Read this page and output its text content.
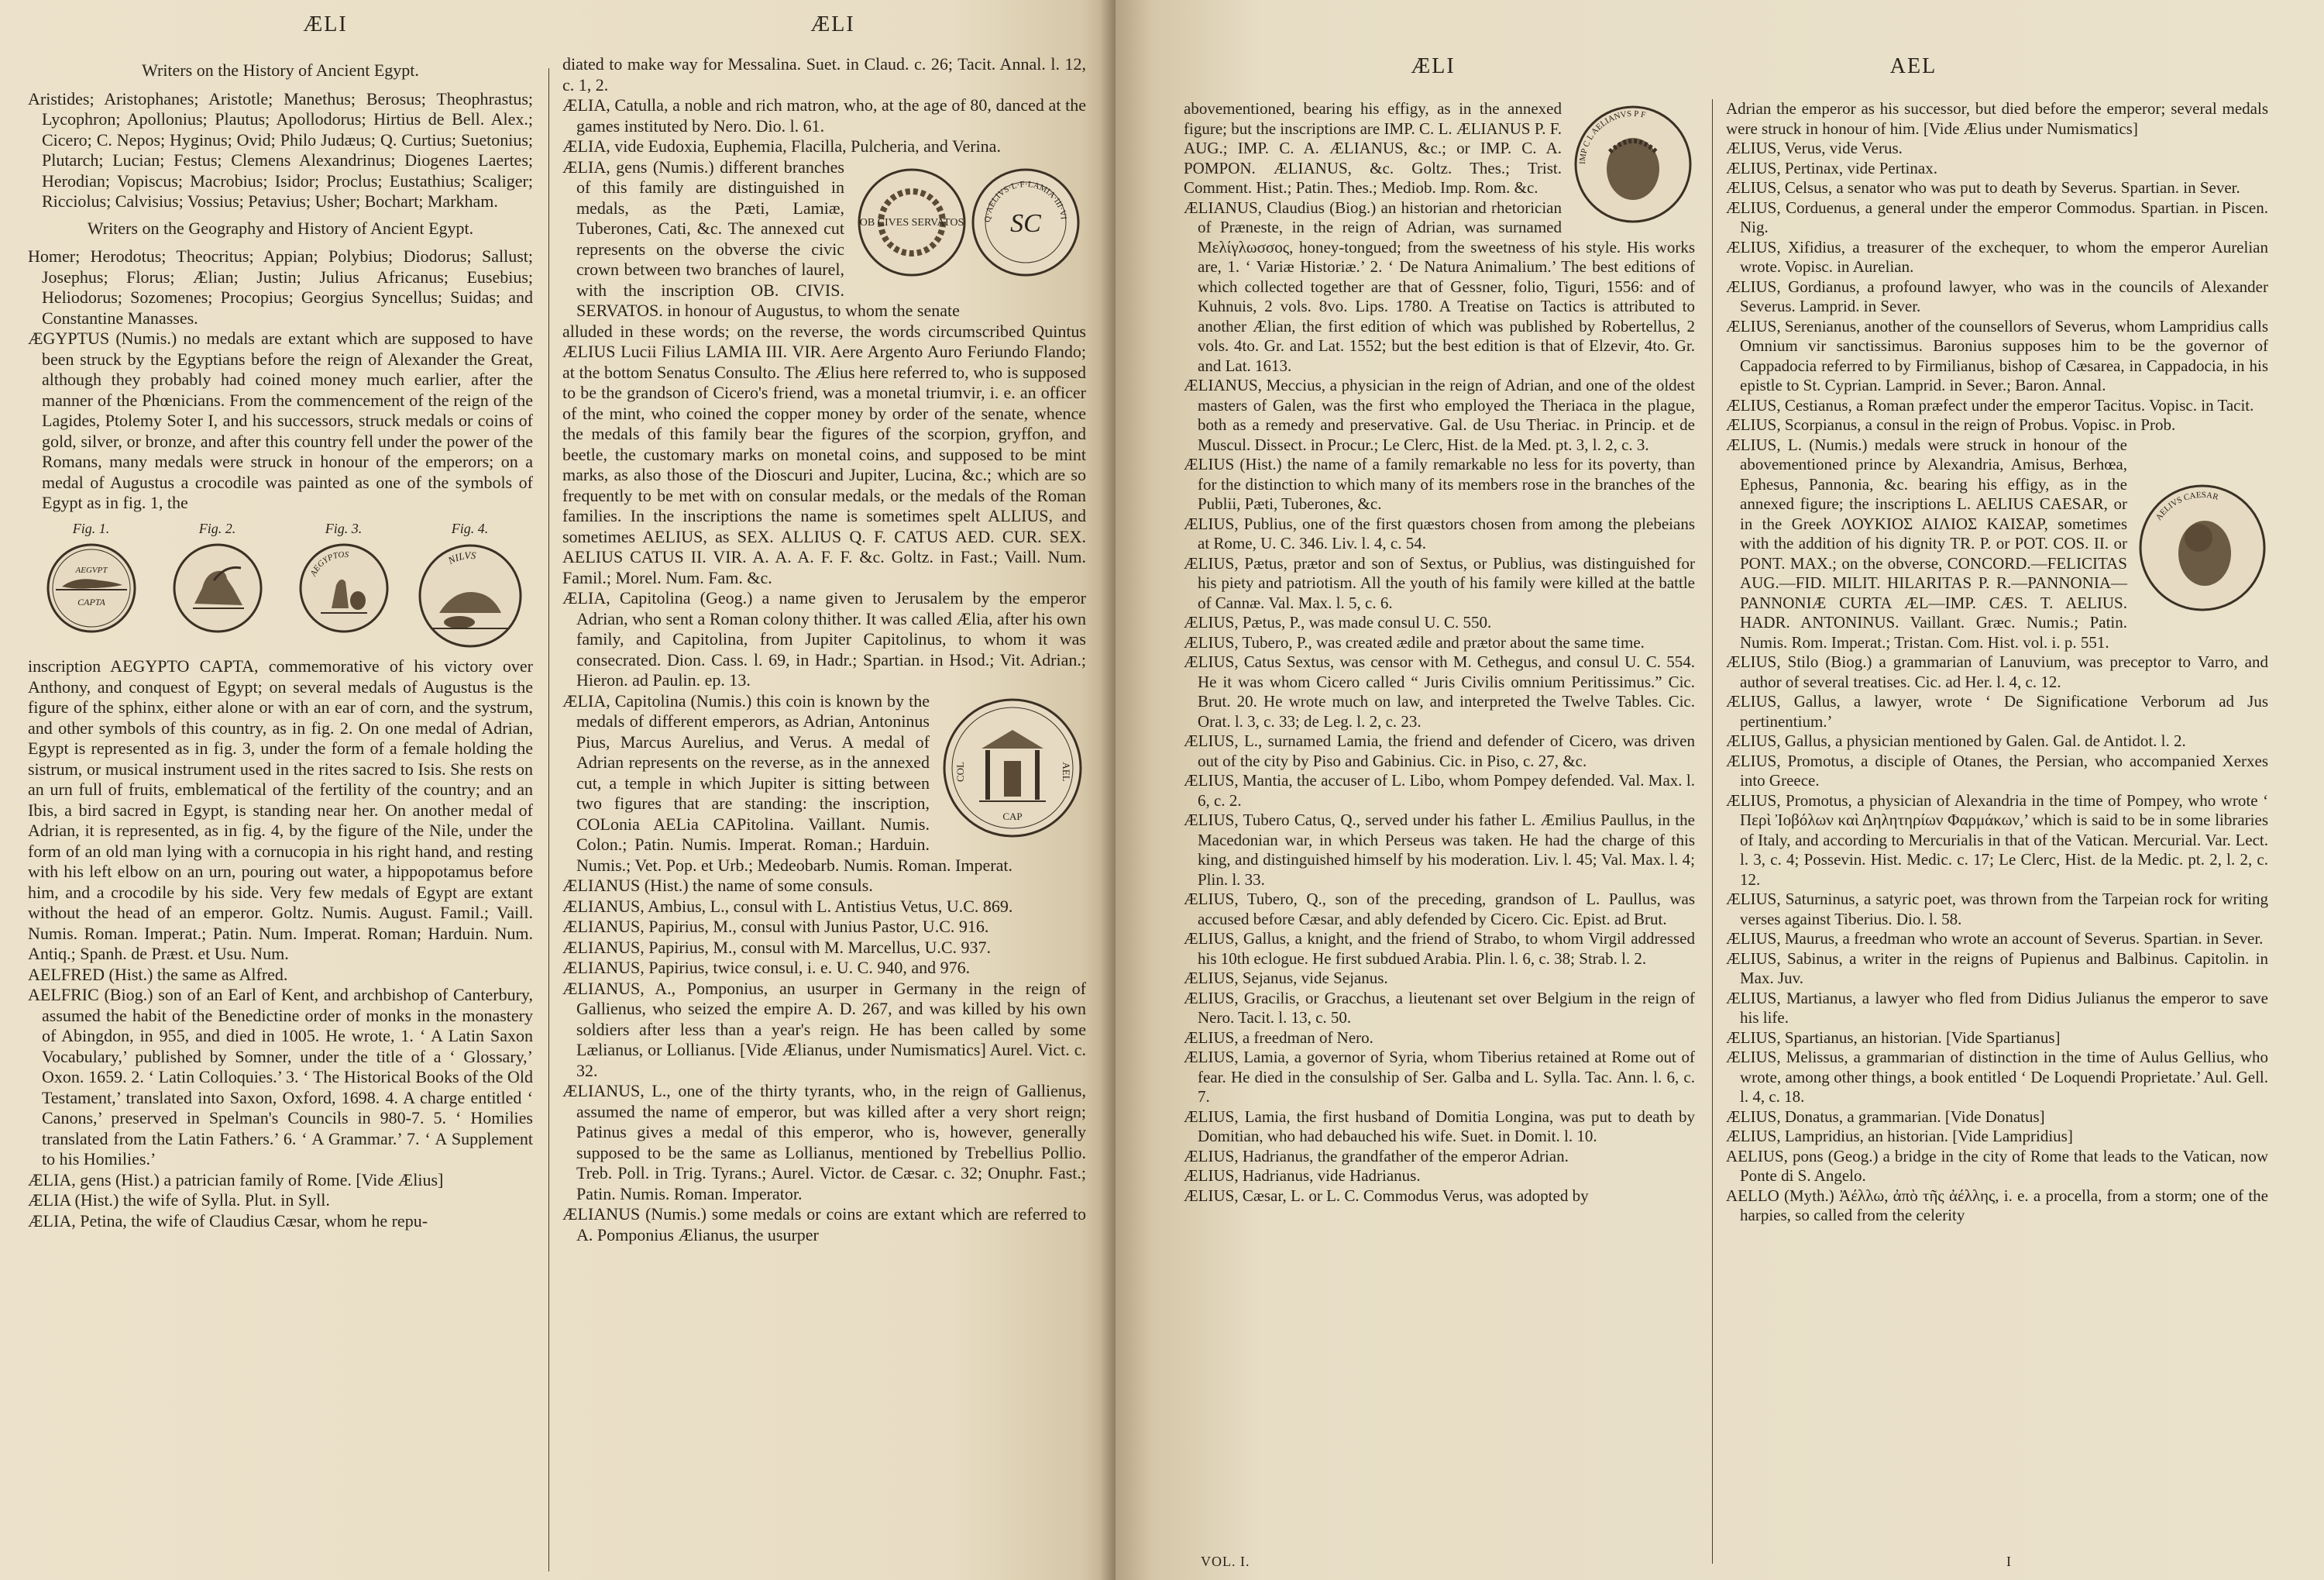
ÆLI	ÆLI

Writers on the History of Ancient Egypt.

Aristides; Aristophanes; Aristotle; Manethus; Berosus; Theophrastus; Lycophron; Apollonius; Plautus; Apollodorus; Hirtius de Bell. Alex.; Cicero; C. Nepos; Hyginus; Ovid; Philo Judæus; Q. Curtius; Suetonius; Plutarch; Lucian; Festus; Clemens Alexandrinus; Diogenes Laertes; Herodian; Vopiscus; Macrobius; Isidor; Proclus; Eustathius; Scaliger; Ricciolus; Calvisius; Vossius; Petavius; Usher; Bochart; Markham.

Writers on the Geography and History of Ancient Egypt.

Homer; Herodotus; Theocritus; Appian; Polybius; Diodorus; Sallust; Josephus; Florus; Ælian; Justin; Julius Africanus; Eusebius; Heliodorus; Sozomenes; Procopius; Georgius Syncellus; Suidas; and Constantine Manasses.

ÆGYPTUS (Numis.) no medals are extant which are supposed to have been struck by the Egyptians before the reign of Alexander the Great, although they probably had coined money much earlier, after the manner of the Phœnicians. From the commencement of the reign of the Lagides, Ptolemy Soter I, and his successors, struck medals or coins of gold, silver, or bronze, and after this country fell under the power of the Romans, many medals were struck in honour of the emperors; on a medal of Augustus a crocodile was painted as one of the symbols of Egypt as in fig. 1, the

Fig. 1.
AEGVPT
CAPTA
Fig. 2.	Fig. 3.
AEGYPTOS
Fig. 4.
NILVS

inscription AEGYPTO CAPTA, commemorative of his victory over Anthony, and conquest of Egypt; on several medals of Augustus is the figure of the sphinx, either alone or with an ear of corn, and the systrum, and other symbols of this country, as in fig. 2. On one medal of Adrian, Egypt is represented as in fig. 3, under the form of a female holding the sistrum, or musical instrument used in the rites sacred to Isis. She rests on an urn full of fruits, emblematical of the fertility of the country; and an Ibis, a bird sacred in Egypt, is standing near her. On another medal of Adrian, it is represented, as in fig. 4, by the figure of the Nile, under the form of an old man lying with a cornucopia in his right hand, and resting with his left elbow on an urn, pouring out water, a hippopotamus before him, and a crocodile by his side. Very few medals of Egypt are extant without the head of an emperor. Goltz. Numis. August. Famil.; Vaill. Numis. Roman. Imperat.; Patin. Num. Imperat. Roman; Harduin. Num. Antiq.; Spanh. de Præst. et Usu. Num.

AELFRED (Hist.) the same as Alfred.

AELFRIC (Biog.) son of an Earl of Kent, and archbishop of Canterbury, assumed the habit of the Benedictine order of monks in the monastery of Abingdon, in 955, and died in 1005. He wrote, 1. ‘ A Latin Saxon Vocabulary,’ published by Somner, under the title of a ‘ Glossary,’ Oxon. 1659. 2. ‘ Latin Colloquies.’ 3. ‘ The Historical Books of the Old Testament,’ translated into Saxon, Oxford, 1698. 4. A charge entitled ‘ Canons,’ preserved in Spelman's Councils in 980-7. 5. ‘ Homilies translated from the Latin Fathers.’ 6. ‘ A Grammar.’ 7. ‘ A Supplement to his Homilies.’

ÆLIA, gens (Hist.) a patrician family of Rome. [Vide Ælius]

ÆLIA (Hist.) the wife of Sylla. Plut. in Syll.

ÆLIA, Petina, the wife of Claudius Cæsar, whom he repu-

diated to make way for Messalina. Suet. in Claud. c. 26; Tacit. Annal. l. 12, c. 1, 2.

ÆLIA, Catulla, a noble and rich matron, who, at the age of 80, danced at the games instituted by Nero. Dio. l. 61.

ÆLIA, vide Eudoxia, Euphemia, Flacilla, Pulcheria, and Verina.

OB CIVES SERVATOS	Q·AELIVS·L·F·LAMIA·III·VI
SC

ÆLIA, gens (Numis.) different branches of this family are distinguished in medals, as the Pæti, Lamiæ, Tuberones, Cati, &c. The annexed cut represents on the obverse the civic crown between two branches of laurel, with the inscription OB. CIVIS. SERVATOS. in honour of Augustus, to whom the senate

alluded in these words; on the reverse, the words circumscribed Quintus ÆLIUS Lucii Filius LAMIA III. VIR. Aere Argento Auro Feriundo Flando; at the bottom Senatus Consulto. The Ælius here referred to, who is supposed to be the grandson of Cicero's friend, was a monetal triumvir, i. e. an officer of the mint, who coined the copper money by order of the senate, whence the medals of this family bear the figures of the scorpion, gryffon, and beetle, the customary marks on monetal coins, and supposed to be mint marks, as also those of the Dioscuri and Jupiter, Lucina, &c.; which are so frequently to be met with on consular medals, or the medals of the Roman families. In the inscriptions the name is sometimes spelt ALLIUS, and sometimes AELIUS, as SEX. ALLIUS Q. F. CATUS AED. CUR. SEX. AELIUS CATUS II. VIR. A. A. A. F. F. &c. Goltz. in Fast.; Vaill. Num. Famil.; Morel. Num. Fam. &c.

ÆLIA, Capitolina (Geog.) a name given to Jerusalem by the emperor Adrian, who sent a Roman colony thither. It was called Ælia, after his own family, and Capitolina, from Jupiter Capitolinus, to whom it was consecrated. Dion. Cass. l. 69, in Hadr.; Spartian. in Hsod.; Vit. Adrian.; Hieron. ad Paulin. ep. 13.

COL	AEL
CAP

ÆLIA, Capitolina (Numis.) this coin is known by the medals of different emperors, as Adrian, Antoninus Pius, Marcus Aurelius, and Verus. A medal of Adrian represents on the reverse, as in the annexed cut, a temple in which Jupiter is sitting between two figures that are standing: the inscription, COLonia AELia CAPitolina. Vaillant. Numis. Colon.; Patin. Numis. Imperat. Roman.; Harduin. Numis.; Vet. Pop. et Urb.; Medeobarb. Numis. Roman. Imperat.

ÆLIANUS (Hist.) the name of some consuls.

ÆLIANUS, Ambius, L., consul with L. Antistius Vetus, U.C. 869.

ÆLIANUS, Papirius, M., consul with Junius Pastor, U.C. 916.

ÆLIANUS, Papirius, M., consul with M. Marcellus, U.C. 937.

ÆLIANUS, Papirius, twice consul, i. e. U. C. 940, and 976.

ÆLIANUS, A., Pomponius, an usurper in Germany in the reign of Gallienus, who seized the empire A. D. 267, and was killed by his own soldiers after less than a year's reign. He has been called by some Lælianus, or Lollianus. [Vide Ælianus, under Numismatics] Aurel. Vict. c. 32.

ÆLIANUS, L., one of the thirty tyrants, who, in the reign of Gallienus, assumed the name of emperor, but was killed after a very short reign; Patinus gives a medal of this emperor, who is, however, generally supposed to be the same as Lollianus, mentioned by Trebellius Pollio. Treb. Poll. in Trig. Tyrans.; Aurel. Victor. de Cæsar. c. 32; Onuphr. Fast.; Patin. Numis. Roman. Imperator.

ÆLIANUS (Numis.) some medals or coins are extant which are referred to A. Pomponius Ælianus, the usurper

ÆLI	AEL
IMP C L AELIANVS P F

abovementioned, bearing his effigy, as in the annexed figure; but the inscriptions are IMP. C. L. ÆLIANUS P. F. AUG.; IMP. C. A. ÆLIANUS, &c.; or IMP. C. A. POMPON. ÆLIANUS, &c. Goltz. Thes.; Trist. Comment. Hist.; Patin. Thes.; Mediob. Imp. Rom. &c.

ÆLIANUS, Claudius (Biog.) an historian and rhetorician of Præneste, in the reign of Adrian, was surnamed Μελίγλωσσος, honey-tongued; from the sweetness of his style. His works are, 1. ‘ Variæ Historiæ.’ 2. ‘ De Natura Animalium.’ The best editions of which collected together are that of Gessner, folio, Tiguri, 1556: and of Kuhnuis, 2 vols. 8vo. Lips. 1780. A Treatise on Tactics is attributed to another Ælian, the first edition of which was published by Robertellus, 2 vols. 4to. Gr. and Lat. 1552; but the best edition is that of Elzevir, 4to. Gr. and Lat. 1613.

ÆLIANUS, Meccius, a physician in the reign of Adrian, and one of the oldest masters of Galen, was the first who employed the Theriaca in the plague, both as a remedy and preservative. Gal. de Usu Theriac. in Princip. et de Muscul. Dissect. in Procur.; Le Clerc, Hist. de la Med. pt. 3, l. 2, c. 3.

ÆLIUS (Hist.) the name of a family remarkable no less for its poverty, than for the distinction to which many of its members rose in the branches of the Publii, Pæti, Tuberones, &c.

ÆLIUS, Publius, one of the first quæstors chosen from among the plebeians at Rome, U. C. 346. Liv. l. 4, c. 54.

ÆLIUS, Pætus, prætor and son of Sextus, or Publius, was distinguished for his piety and patriotism. All the youth of his family were killed at the battle of Cannæ. Val. Max. l. 5, c. 6.

ÆLIUS, Pætus, P., was made consul U. C. 550.

ÆLIUS, Tubero, P., was created ædile and prætor about the same time.

ÆLIUS, Catus Sextus, was censor with M. Cethegus, and consul U. C. 554. He it was whom Cicero called “ Juris Civilis omnium Peritissimus.” Cic. Brut. 20. He wrote much on law, and interpreted the Twelve Tables. Cic. Orat. l. 3, c. 33; de Leg. l. 2, c. 23.

ÆLIUS, L., surnamed Lamia, the friend and defender of Cicero, was driven out of the city by Piso and Gabinius. Cic. in Piso, c. 27, &c.

ÆLIUS, Mantia, the accuser of L. Libo, whom Pompey defended. Val. Max. l. 6, c. 2.

ÆLIUS, Tubero Catus, Q., served under his father L. Æmilius Paullus, in the Macedonian war, in which Perseus was taken. He had the charge of this king, and distinguished himself by his moderation. Liv. l. 45; Val. Max. l. 4; Plin. l. 33.

ÆLIUS, Tubero, Q., son of the preceding, grandson of L. Paullus, was accused before Cæsar, and ably defended by Cicero. Cic. Epist. ad Brut.

ÆLIUS, Gallus, a knight, and the friend of Strabo, to whom Virgil addressed his 10th eclogue. He first subdued Arabia. Plin. l. 6, c. 38; Strab. l. 2.

ÆLIUS, Sejanus, vide Sejanus.

ÆLIUS, Gracilis, or Gracchus, a lieutenant set over Belgium in the reign of Nero. Tacit. l. 13, c. 50.

ÆLIUS, a freedman of Nero.

ÆLIUS, Lamia, a governor of Syria, whom Tiberius retained at Rome out of fear. He died in the consulship of Ser. Galba and L. Sylla. Tac. Ann. l. 6, c. 7.

ÆLIUS, Lamia, the first husband of Domitia Longina, was put to death by Domitian, who had debauched his wife. Suet. in Domit. l. 10.

ÆLIUS, Hadrianus, the grandfather of the emperor Adrian.

ÆLIUS, Hadrianus, vide Hadrianus.

ÆLIUS, Cæsar, L. or L. C. Commodus Verus, was adopted by

VOL. I.

Adrian the emperor as his successor, but died before the emperor; several medals were struck in honour of him. [Vide Ælius under Numismatics]

ÆLIUS, Verus, vide Verus.

ÆLIUS, Pertinax, vide Pertinax.

ÆLIUS, Celsus, a senator who was put to death by Severus. Spartian. in Sever.

ÆLIUS, Corduenus, a general under the emperor Commodus. Spartian. in Piscen. Nig.

ÆLIUS, Xifidius, a treasurer of the exchequer, to whom the emperor Aurelian wrote. Vopisc. in Aurelian.

ÆLIUS, Gordianus, a profound lawyer, who was in the councils of Alexander Severus. Lamprid. in Sever.

ÆLIUS, Serenianus, another of the counsellors of Severus, whom Lampridius calls Omnium vir sanctissimus. Baronius supposes him to be the governor of Cappadocia referred to by Firmilianus, bishop of Cæsarea, in Cappadocia, in his epistle to St. Cyprian. Lamprid. in Sever.; Baron. Annal.

ÆLIUS, Cestianus, a Roman præfect under the emperor Tacitus. Vopisc. in Tacit.

ÆLIUS, Scorpianus, a consul in the reign of Probus. Vopisc. in Prob.

AELIVS CAESAR

ÆLIUS, L. (Numis.) medals were struck in honour of the abovementioned prince by Alexandria, Amisus, Berhœa, Ephesus, Pannonia, &c. bearing his effigy, as in the annexed figure; the inscriptions L. AELIUS CAESAR, or in the Greek ΛΟΥΚΙΟΣ ΑΙΛΙΟΣ ΚΑΙΣΑΡ, sometimes with the addition of his dignity TR. P. or POT. COS. II. or PONT. MAX.; on the obverse, CONCORD.—FELICITAS AUG.—FID. MILIT. HILARITAS P. R.—PANNONIA—PANNONIÆ CURTA ÆL—IMP. CÆS. T. AELIUS. HADR. ANTONINUS. Vaillant. Græc. Numis.; Patin. Numis. Rom. Imperat.; Tristan. Com. Hist. vol. i. p. 551.

ÆLIUS, Stilo (Biog.) a grammarian of Lanuvium, was preceptor to Varro, and author of several treatises. Cic. ad Her. l. 4, c. 12.

ÆLIUS, Gallus, a lawyer, wrote ‘ De Significatione Verborum ad Jus pertinentium.’

ÆLIUS, Gallus, a physician mentioned by Galen. Gal. de Antidot. l. 2.

ÆLIUS, Promotus, a disciple of Otanes, the Persian, who accompanied Xerxes into Greece.

ÆLIUS, Promotus, a physician of Alexandria in the time of Pompey, who wrote ‘ Περὶ Ἰοβόλων καὶ Δηλητηρίων Φαρμάκων,’ which is said to be in some libraries of Italy, and according to Mercurialis in that of the Vatican. Mercurial. Var. Lect. l. 3, c. 4; Possevin. Hist. Medic. c. 17; Le Clerc, Hist. de la Medic. pt. 2, l. 2, c. 12.

ÆLIUS, Saturninus, a satyric poet, was thrown from the Tarpeian rock for writing verses against Tiberius. Dio. l. 58.

ÆLIUS, Maurus, a freedman who wrote an account of Severus. Spartian. in Sever.

ÆLIUS, Sabinus, a writer in the reigns of Pupienus and Balbinus. Capitolin. in Max. Juv.

ÆLIUS, Martianus, a lawyer who fled from Didius Julianus the emperor to save his life.

ÆLIUS, Spartianus, an historian. [Vide Spartianus]

ÆLIUS, Melissus, a grammarian of distinction in the time of Aulus Gellius, who wrote, among other things, a book entitled ‘ De Loquendi Proprietate.’ Aul. Gell. l. 4, c. 18.

ÆLIUS, Donatus, a grammarian. [Vide Donatus]

ÆLIUS, Lampridius, an historian. [Vide Lampridius]

AELIUS, pons (Geog.) a bridge in the city of Rome that leads to the Vatican, now Ponte di S. Angelo.

AELLO (Myth.) Ἀέλλω, ἀπὸ τῆς ἀέλλης, i. e. a procella, from a storm; one of the harpies, so called from the celerity

I
